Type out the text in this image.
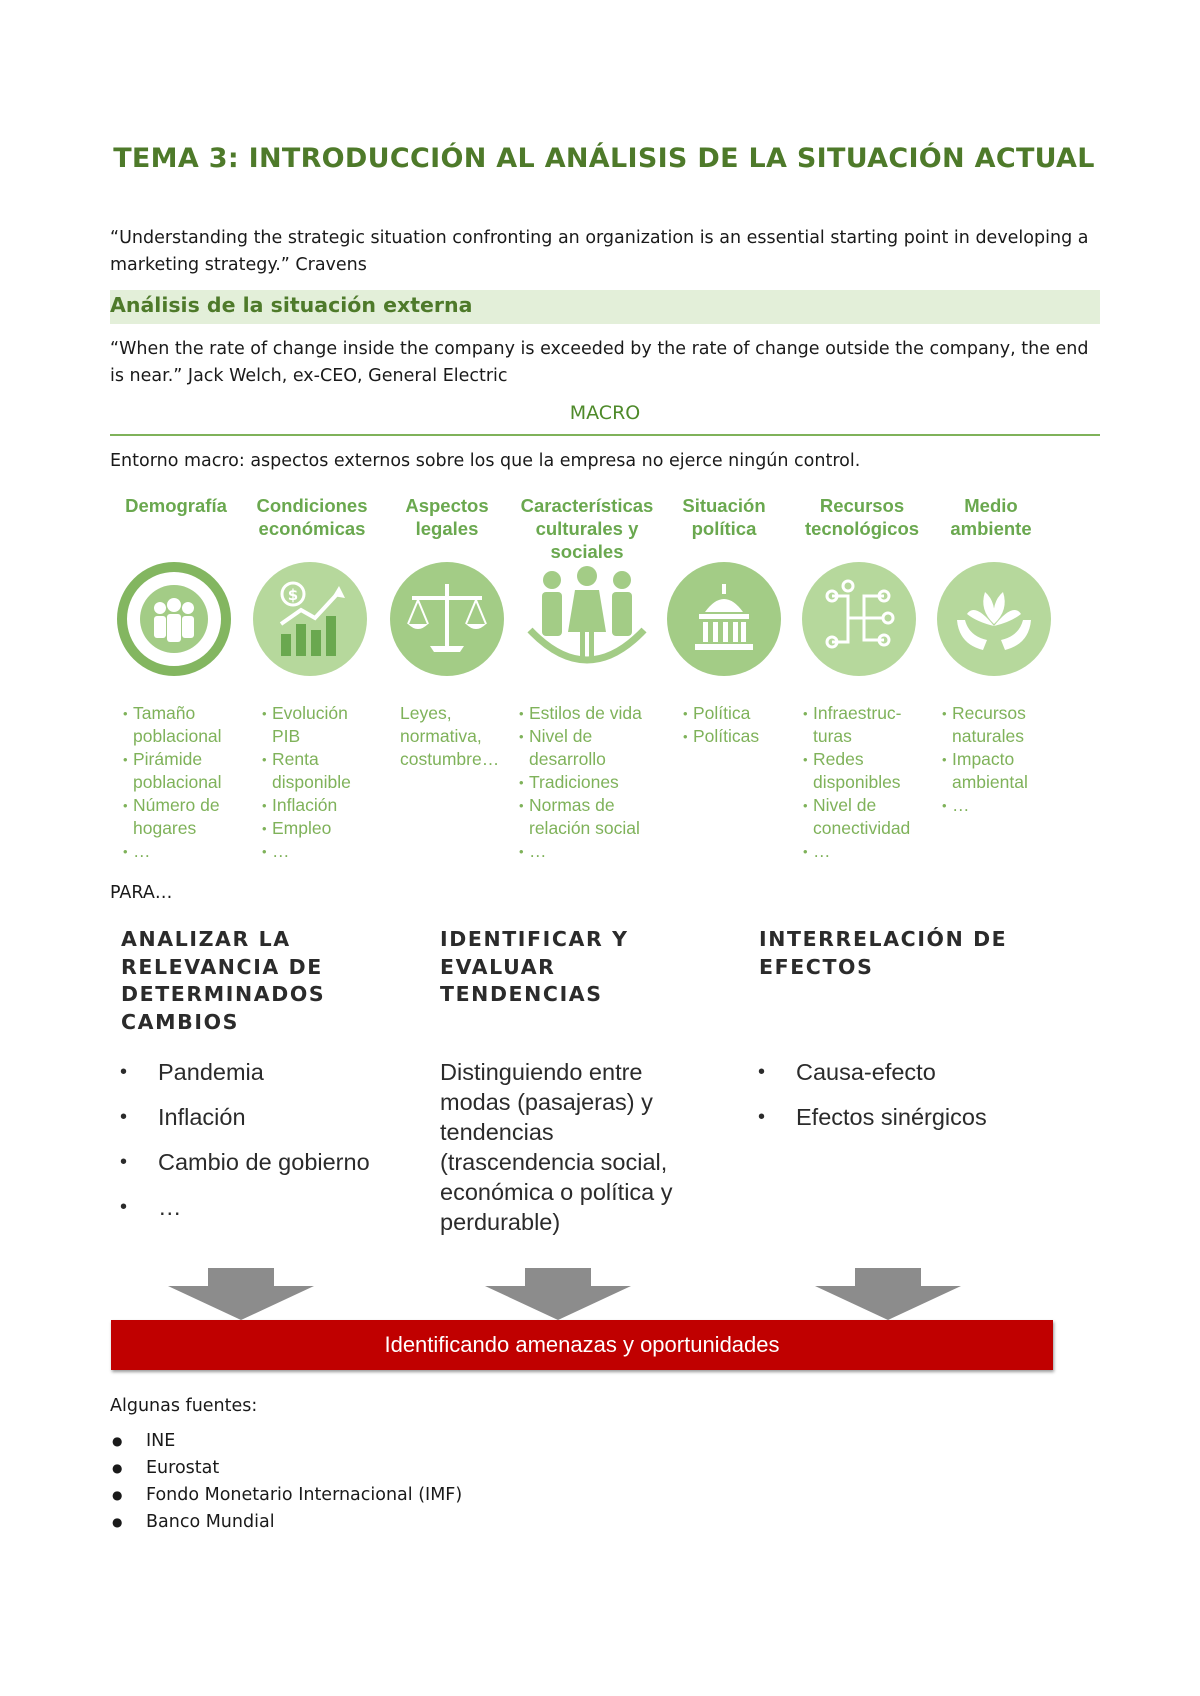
TEMA 3: INTRODUCCIÓN AL ANÁLISIS DE LA SITUACIÓN ACTUAL
“Understanding the strategic situation confronting an organization is an essential starting point in developing a marketing strategy.” Cravens
Análisis de la situación externa
“When the rate of change inside the company is exceeded by the rate of change outside the company, the end is near.” Jack Welch, ex-CEO, General Electric
MACRO
Entorno macro: aspectos externos sobre los que la empresa no ejerce ningún control.
Demografía	Condiciones económicas
Aspectos legales
Características culturales y sociales
Situación política
Recursos tecnológicos
Medio ambiente
$
• Tamaño poblacional
• Pirámide poblacional
• Número de hogares
• …
• Evolución PIB
• Renta disponible
• Inflación
• Empleo
• …
Leyes, normativa, costumbre…
• Estilos de vida
• Nivel de desarrollo
• Tradiciones
• Normas de relación social
• …
• Política
• Políticas
• Infraestruc-turas
• Redes disponibles
• Nivel de conectividad
• …
• Recursos naturales
• Impacto ambiental
• …
PARA…
ANALIZAR LA RELEVANCIA DE DETERMINADOS CAMBIOS
IDENTIFICAR Y EVALUAR TENDENCIAS
INTERRELACIÓN DE EFECTOS
• Pandemia
• Inflación
• Cambio de gobierno
• …
Distinguiendo entre modas (pasajeras) y tendencias (trascendencia social, económica o política y perdurable)
• Causa-efecto
• Efectos sinérgicos
Identificando amenazas y oportunidades
Algunas fuentes:
● INE
● Eurostat
● Fondo Monetario Internacional (IMF)
● Banco Mundial
